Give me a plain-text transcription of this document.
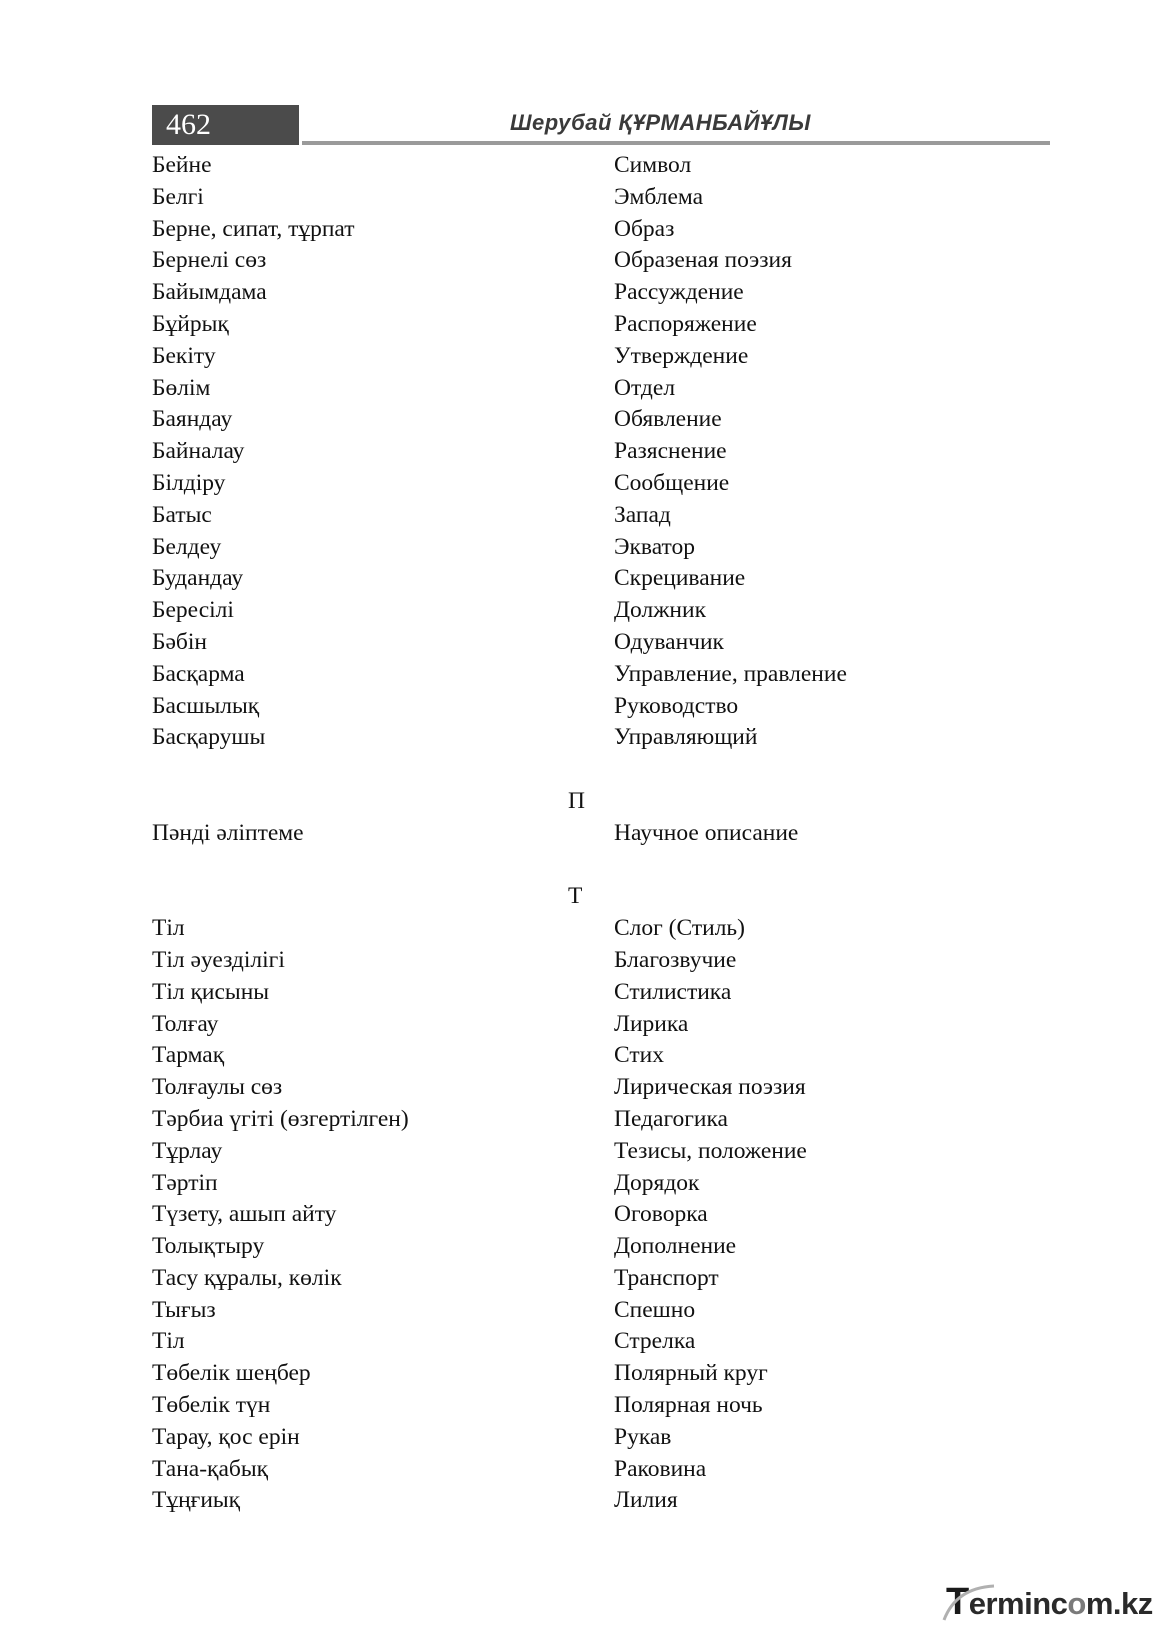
462	Шерубай ҚҰРМАНБАЙҰЛЫ
Бейне	Символ
Белгі	Эмблема
Берне, сипат, тұрпат	Образ
Бернелі сөз	Образеная поэзия
Байымдама	Рассуждение
Бұйрық	Распоряжение
Бекіту	Утверждение
Бөлім	Отдел
Баяндау	Обявление
Байналау	Разяснение
Білдіру	Сообщение
Батыс	Запад
Белдеу	Экватор
Будандау	Скрецивание
Бересілі	Должник
Бәбін	Одуванчик
Басқарма	Управление, правление
Басшылық	Руководство
Басқарушы	Управляющий
П
Пәнді әліптеме	Научное описание
Т
Тіл	Слог (Стиль)
Тіл әуезділігі	Благозвучие
Тіл қисыны	Стилистика
Толғау	Лирика
Тармақ	Стих
Толғаулы сөз	Лирическая поэзия
Тәрбиа үгіті (өзгертілген)	Педагогика
Тұрлау	Тезисы, положение
Тәртіп	Дорядок
Түзету, ашып айту	Оговорка
Толықтыру	Дополнение
Тасу құралы, көлік	Транспорт
Тығыз	Спешно
Тіл	Стрелка
Төбелік шеңбер	Полярный круг
Төбелік түн	Полярная ночь
Тарау, қос ерін	Рукав
Тана-қабық	Раковина
Тұңғиық	Лилия
Termincom.kz
